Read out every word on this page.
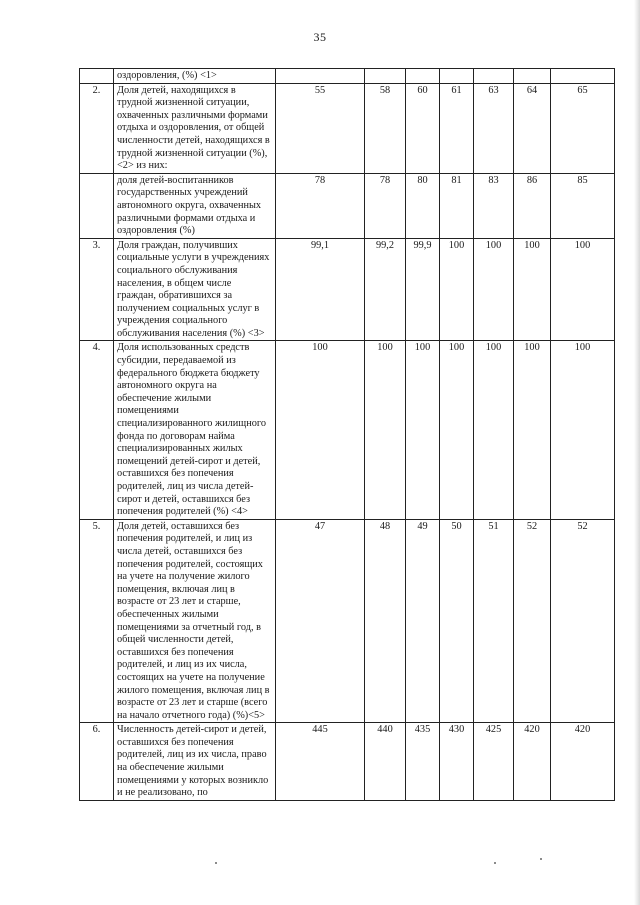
35
	оздоровления, (%) <1>							
2.	Доля детей, находящихся в трудной жизненной ситуации, охваченных различными формами отдыха и оздоровления, от общей численности детей, находящихся в трудной жизненной ситуации (%), <2> из них:	55	58	60	61	63	64	65
	доля детей-воспитанников государственных учреждений автономного округа, охваченных различными формами отдыха и оздоровления (%)	78	78	80	81	83	86	85
3.	Доля граждан, получивших социальные услуги в учреждениях социального обслуживания населения, в общем числе граждан, обратившихся за получением социальных услуг в учреждения социального обслуживания населения (%) <3>	99,1	99,2	99,9	100	100	100	100
4.	Доля использованных средств субсидии, передаваемой из федерального бюджета бюджету автономного округа на обеспечение жилыми помещениями специализированного жилищного фонда по договорам найма специализированных жилых помещений детей-сирот и детей, оставшихся без попечения родителей, лиц из числа детей-сирот и детей, оставшихся без попечения родителей (%) <4>	100	100	100	100	100	100	100
5.	Доля детей, оставшихся без попечения родителей, и лиц из числа детей, оставшихся без попечения родителей, состоящих на учете на получение жилого помещения, включая лиц в возрасте от 23 лет и старше, обеспеченных жилыми помещениями за отчетный год, в общей численности детей, оставшихся без попечения родителей, и лиц из их числа, состоящих на учете на получение жилого помещения, включая лиц в возрасте от 23 лет и старше (всего на начало отчетного года) (%)<5>	47	48	49	50	51	52	52
6.	Численность детей-сирот и детей, оставшихся без попечения родителей, лиц из их числа, право на обеспечение жилыми помещениями у которых возникло и не реализовано, по	445	440	435	430	425	420	420
